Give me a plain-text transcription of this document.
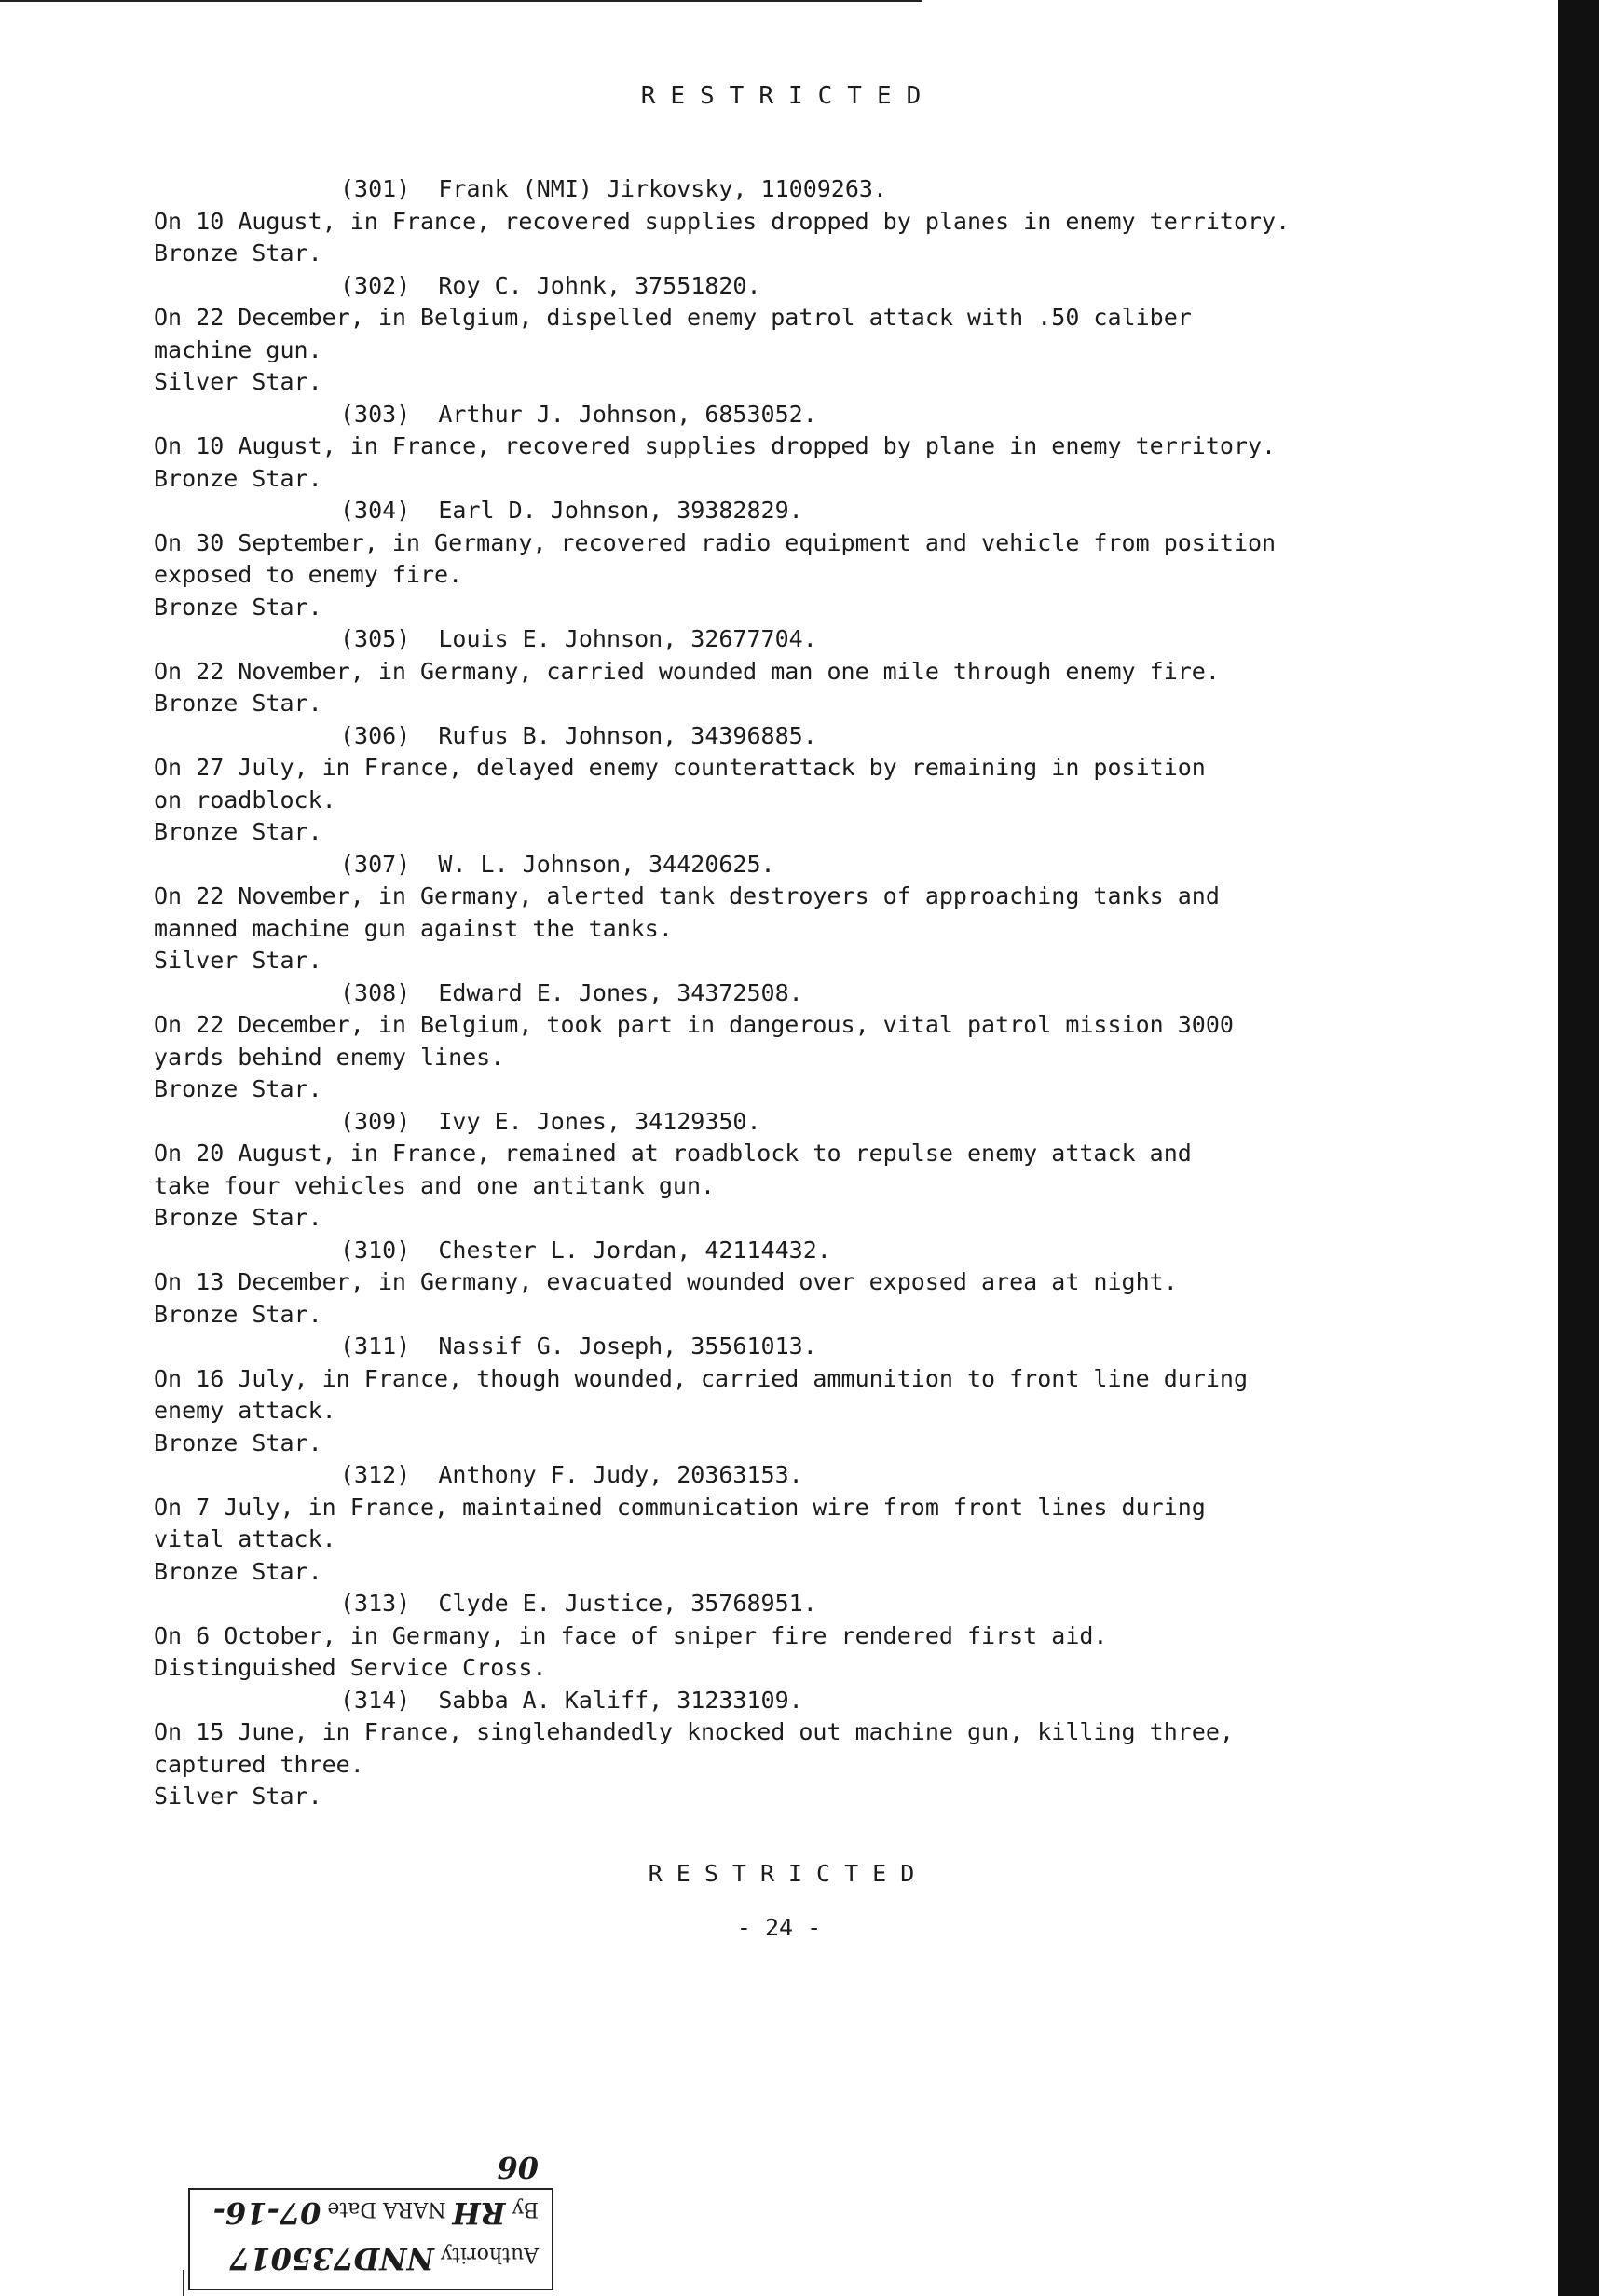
RESTRICTED
(301)  Frank (NMI) Jirkovsky, 11009263.
On 10 August, in France, recovered supplies dropped by planes in enemy territory.
Bronze Star.
(302)  Roy C. Johnk, 37551820.
On 22 December, in Belgium, dispelled enemy patrol attack with .50 caliber
machine gun.
Silver Star.
(303)  Arthur J. Johnson, 6853052.
On 10 August, in France, recovered supplies dropped by plane in enemy territory.
Bronze Star.
(304)  Earl D. Johnson, 39382829.
On 30 September, in Germany, recovered radio equipment and vehicle from position
exposed to enemy fire.
Bronze Star.
(305)  Louis E. Johnson, 32677704.
On 22 November, in Germany, carried wounded man one mile through enemy fire.
Bronze Star.
(306)  Rufus B. Johnson, 34396885.
On 27 July, in France, delayed enemy counterattack by remaining in position
on roadblock.
Bronze Star.
(307)  W. L. Johnson, 34420625.
On 22 November, in Germany, alerted tank destroyers of approaching tanks and
manned machine gun against the tanks.
Silver Star.
(308)  Edward E. Jones, 34372508.
On 22 December, in Belgium, took part in dangerous, vital patrol mission 3000
yards behind enemy lines.
Bronze Star.
(309)  Ivy E. Jones, 34129350.
On 20 August, in France, remained at roadblock to repulse enemy attack and
take four vehicles and one antitank gun.
Bronze Star.
(310)  Chester L. Jordan, 42114432.
On 13 December, in Germany, evacuated wounded over exposed area at night.
Bronze Star.
(311)  Nassif G. Joseph, 35561013.
On 16 July, in France, though wounded, carried ammunition to front line during
enemy attack.
Bronze Star.
(312)  Anthony F. Judy, 20363153.
On 7 July, in France, maintained communication wire from front lines during
vital attack.
Bronze Star.
(313)  Clyde E. Justice, 35768951.
On 6 October, in Germany, in face of sniper fire rendered first aid.
Distinguished Service Cross.
(314)  Sabba A. Kaliff, 31233109.
On 15 June, in France, singlehandedly knocked out machine gun, killing three,
captured three.
Silver Star.
RESTRICTED
- 24 -
Authority NND735017
By RH NARA Date 07-16-06
